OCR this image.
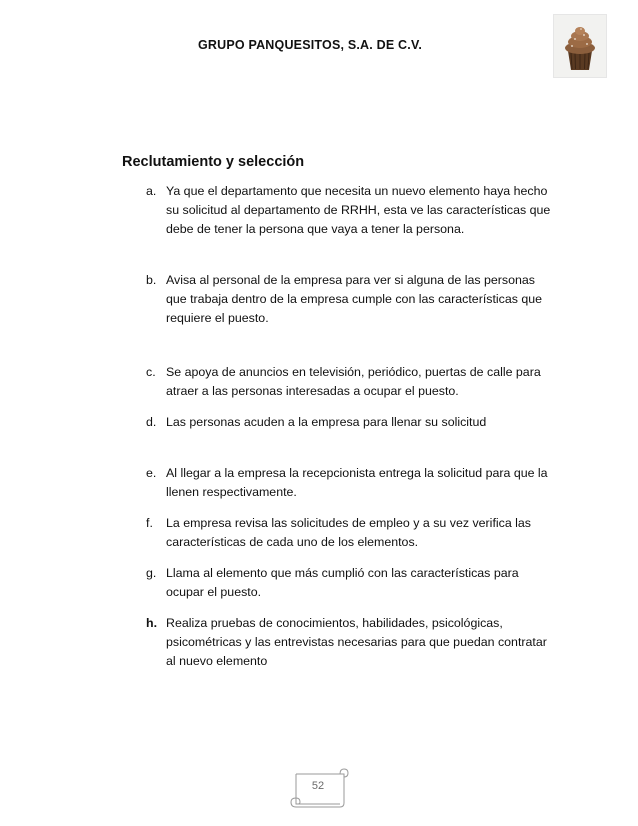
GRUPO PANQUESITOS, S.A. DE C.V.
Reclutamiento y selección
a. Ya que el departamento que necesita un nuevo elemento haya hecho su solicitud al departamento de RRHH, esta ve las características que debe de tener la persona que vaya a tener la persona.
b. Avisa al personal de la empresa para ver si alguna de las personas que trabaja dentro de la empresa cumple con las características que requiere el puesto.
c. Se apoya de anuncios en televisión, periódico, puertas de calle para atraer a las personas interesadas a ocupar el puesto.
d. Las personas acuden a la empresa para llenar su solicitud
e. Al llegar a la empresa la recepcionista entrega la solicitud para que la llenen respectivamente.
f.	La empresa revisa las solicitudes de empleo y a su vez verifica las características de cada uno de los elementos.
g. Llama al elemento que más cumplió con las características para ocupar el puesto.
h. Realiza pruebas de conocimientos, habilidades, psicológicas, psicométricas y las entrevistas necesarias para que puedan contratar al nuevo elemento
52
